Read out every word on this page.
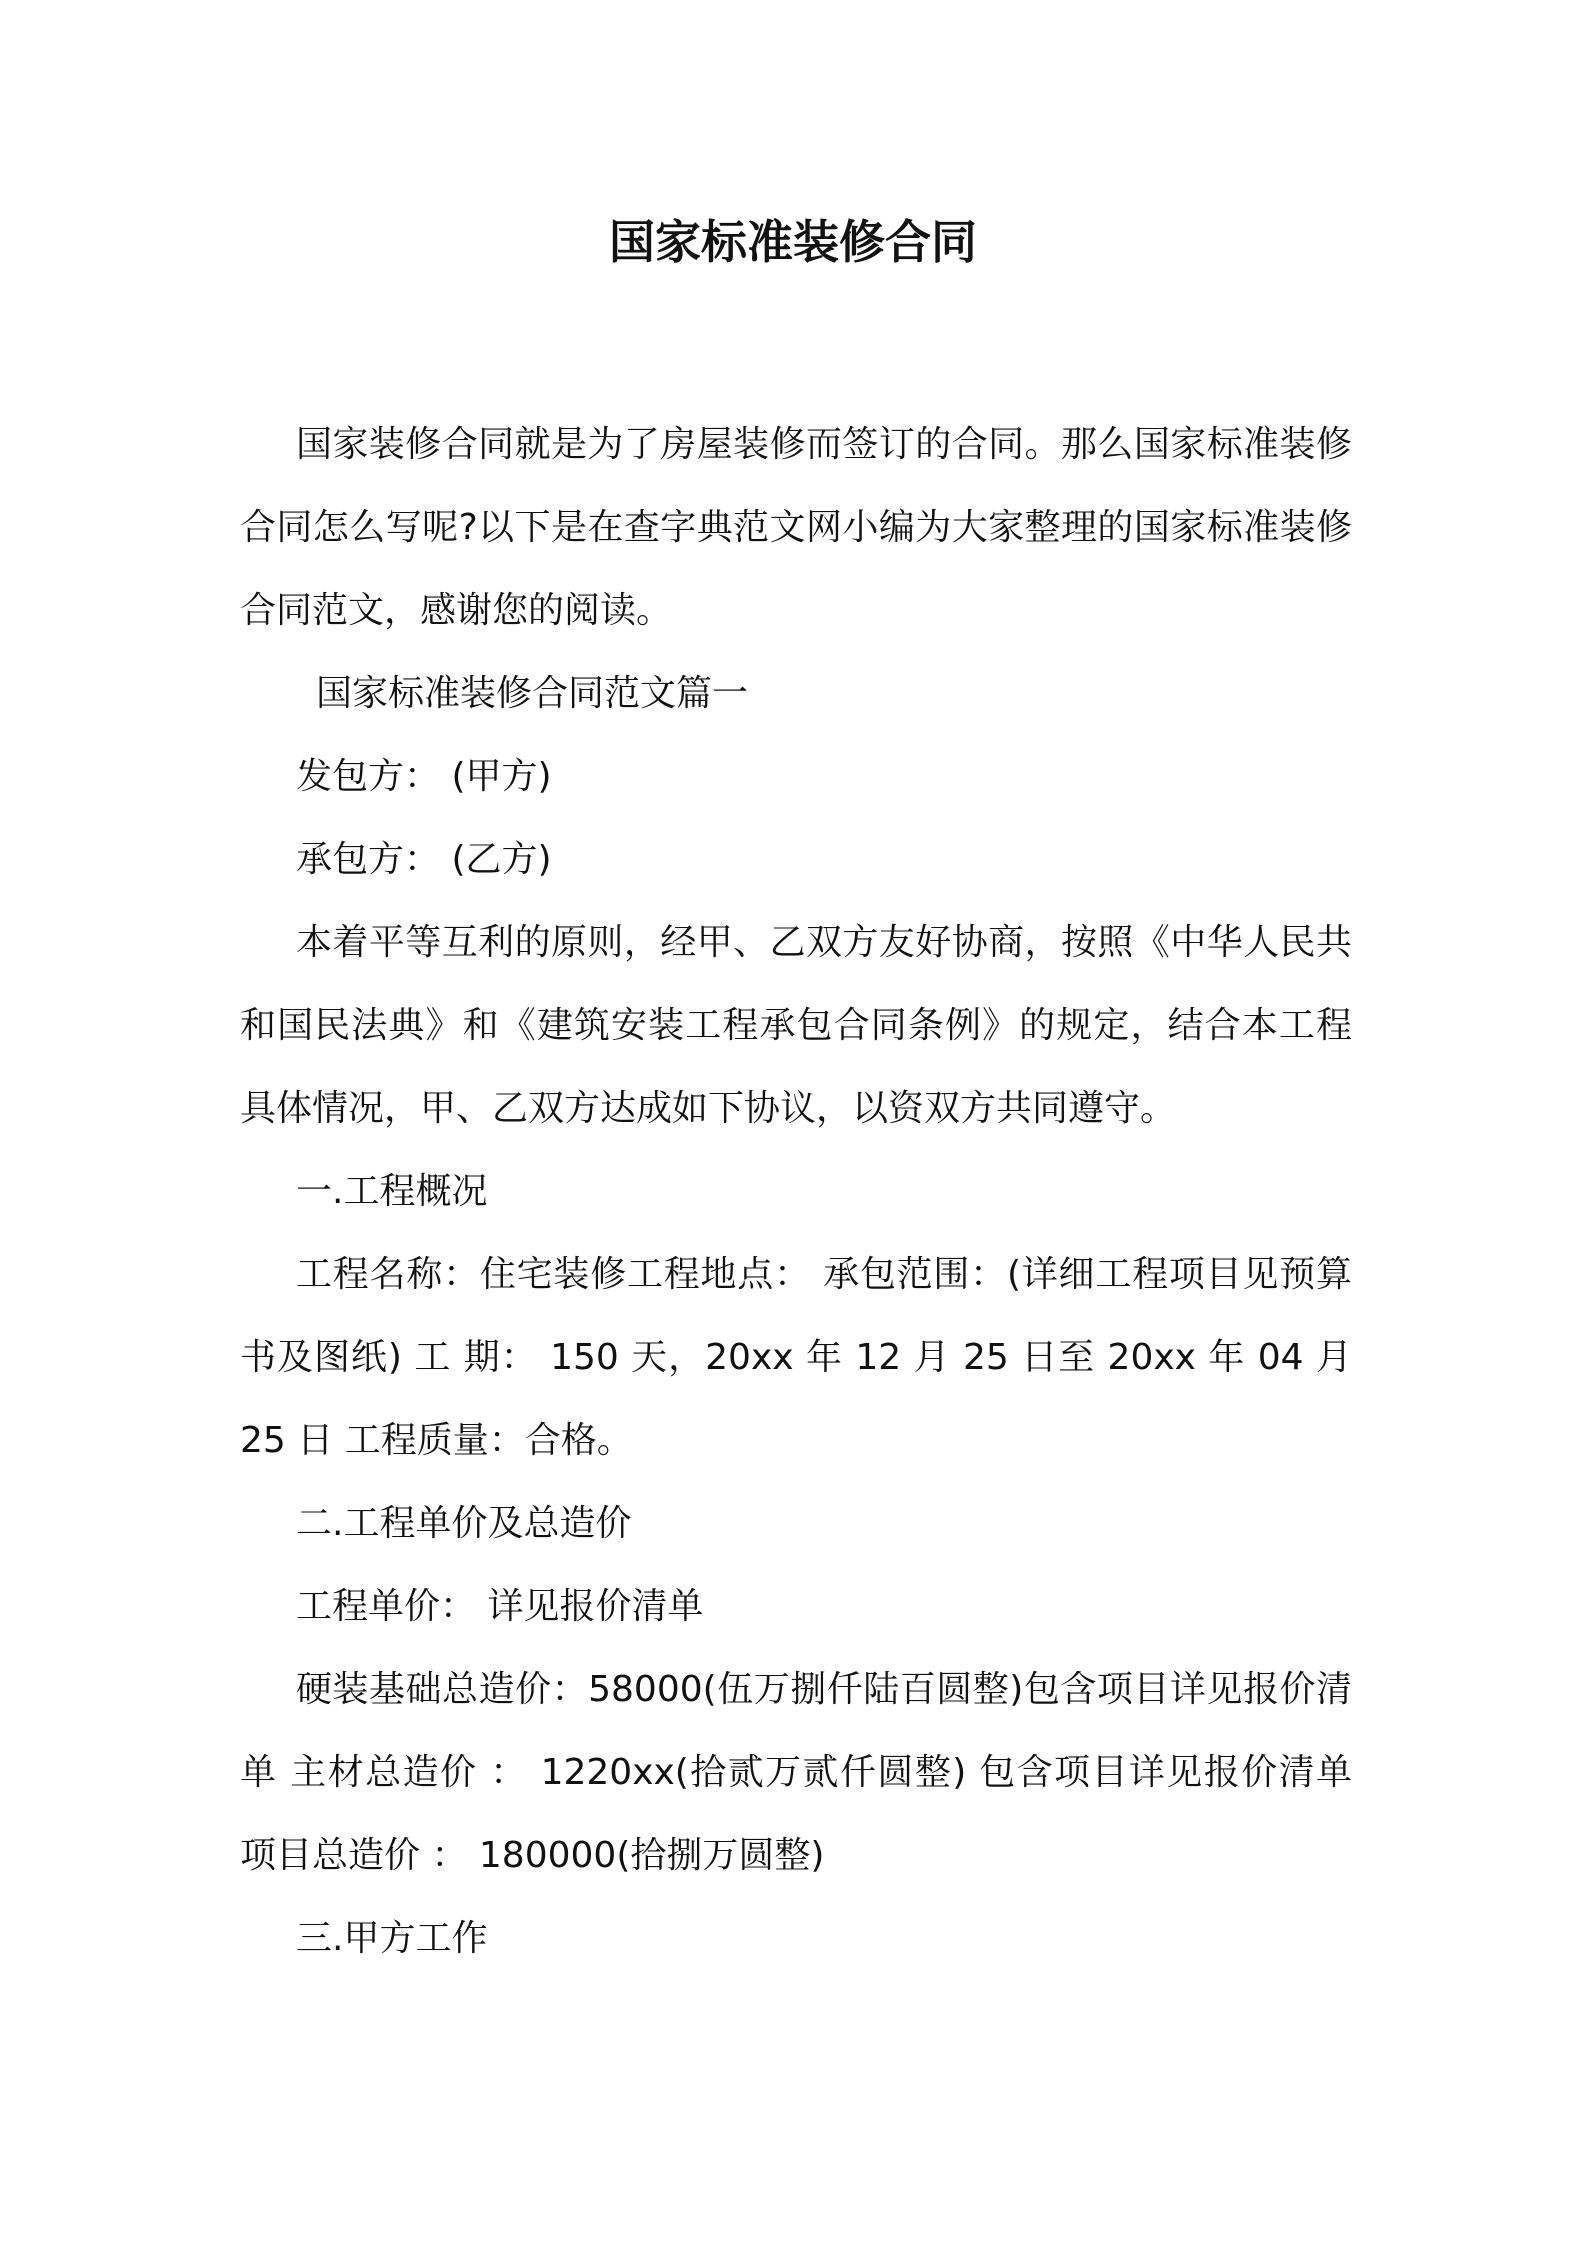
国家标准装修合同

国家装修合同就是为了房屋装修而签订的合同。那么国家标准装修合同怎么写呢?以下是在查字典范文网小编为大家整理的国家标准装修合同范文，感谢您的阅读。

国家标准装修合同范文篇一

发包方： (甲方)

承包方： (乙方)

本着平等互利的原则，经甲、乙双方友好协商，按照《中华人民共和国民法典》和《建筑安装工程承包合同条例》的规定，结合本工程具体情况，甲、乙双方达成如下协议，以资双方共同遵守。

一.工程概况

工程名称：住宅装修工程地点： 承包范围：(详细工程项目见预算书及图纸) 工 期： 150 天，20xx 年 12 月 25 日至 20xx 年 04 月 25 日 工程质量：合格。

二.工程单价及总造价

工程单价： 详见报价清单

硬装基础总造价：58000(伍万捌仟陆百圆整)包含项目详见报价清单 主材总造价 ： 1220xx(拾贰万贰仟圆整) 包含项目详见报价清单 项目总造价 ： 180000(拾捌万圆整)

三.甲方工作
